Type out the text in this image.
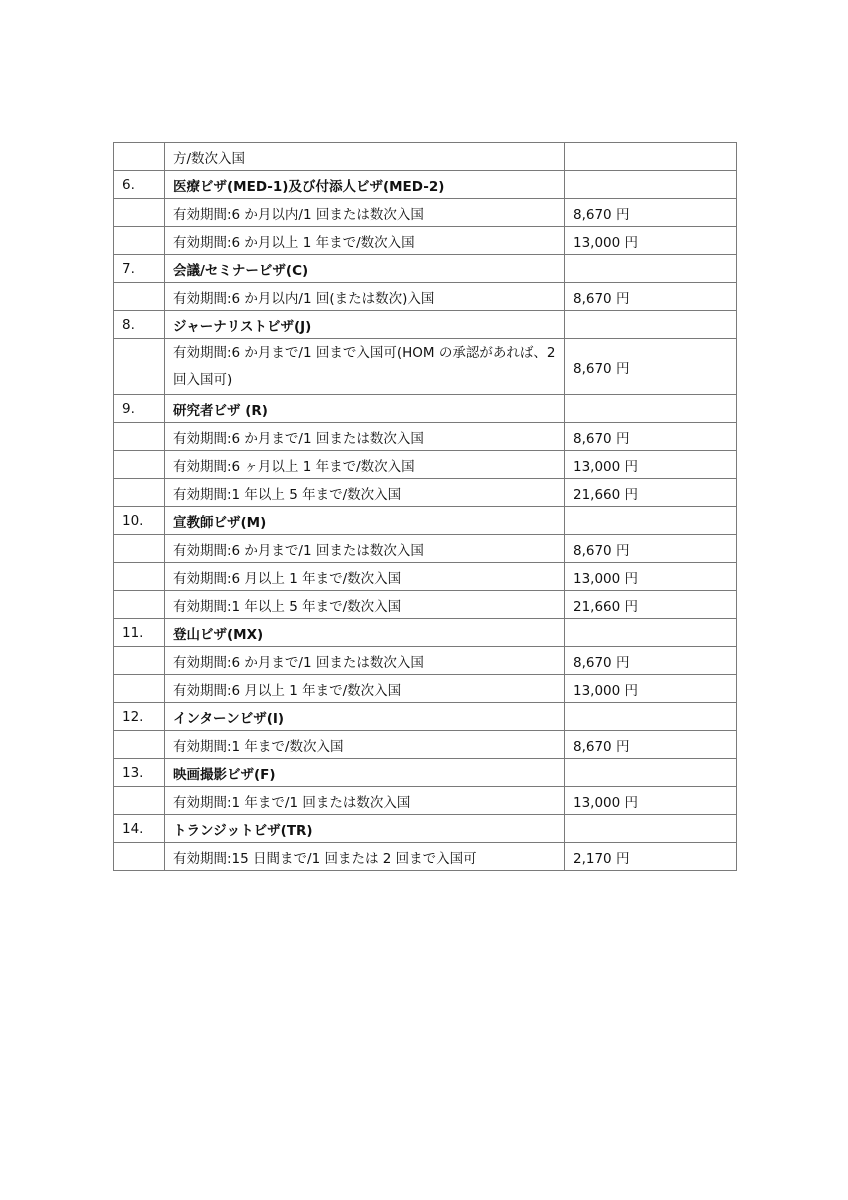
	方/数次入国	
6.	医療ビザ(MED-1)及び付添人ビザ(MED-2)	
	有効期間:6 か月以内/1 回または数次入国	8,670 円
	有効期間:6 か月以上 1 年まで/数次入国	13,000 円
7.	会議/セミナービザ(C)	
	有効期間:6 か月以内/1 回(または数次)入国	8,670 円
8.	ジャーナリストビザ(J)	
	有効期間:6 か月まで/1 回まで入国可(HOM の承認があれば、2 回入国可)	8,670 円
9.	研究者ビザ (R)	
	有効期間:6 か月まで/1 回または数次入国	8,670 円
	有効期間:6 ヶ月以上 1 年まで/数次入国	13,000 円
	有効期間:1 年以上 5 年まで/数次入国	21,660 円
10.	宣教師ビザ(M)	
	有効期間:6 か月まで/1 回または数次入国	8,670 円
	有効期間:6 月以上 1 年まで/数次入国	13,000 円
	有効期間:1 年以上 5 年まで/数次入国	21,660 円
11.	登山ビザ(MX)	
	有効期間:6 か月まで/1 回または数次入国	8,670 円
	有効期間:6 月以上 1 年まで/数次入国	13,000 円
12.	インターンビザ(I)	
	有効期間:1 年まで/数次入国	8,670 円
13.	映画撮影ビザ(F)	
	有効期間:1 年まで/1 回または数次入国	13,000 円
14.	トランジットビザ(TR)	
	有効期間:15 日間まで/1 回または 2 回まで入国可	2,170 円
